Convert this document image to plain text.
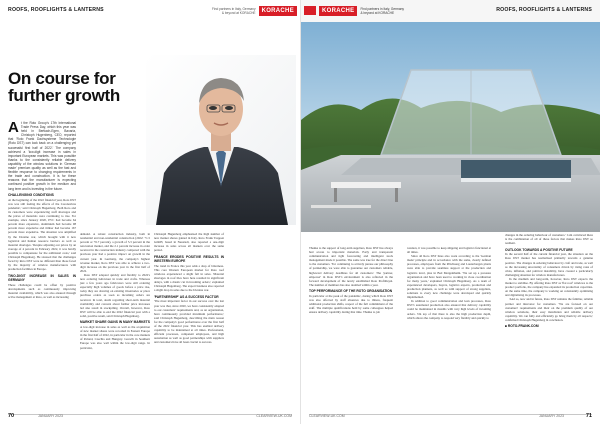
ROOFS, ROOFLIGHTS & LANTERNS	Find partners in Italy, Germany & beyond at KORACHE	KORACHE
On course for further growth

At the Roto Group's 17th International Trade Press Day, which this year was held in Bertiach-Egen, Bavaria, Christoph Hugenberg, CEO, reported that 'Roto Frank Dachsysteme Technologie (Roto DST) can look back on a challenging yet successful first half of 2022.' The company achieved a 'low-digit increase in sales in important European markets. This was possible thanks to the consistently reliable delivery capability of the window solutions in 'German made' premium quality as well as the fast and flexible response to changing requirements in the trade and construction. It is for these reasons that the manufacturer is expecting continued positive growth in the medium and long term and is investing in the future.

CHALLENGING CONDITIONS

At the beginning of the 2022 financial year, Roto DST was was still feeling the effects of the Coronavirus pandemic,' said Christoph Hugenberg. Both Roto and its customers were experiencing staff shortages and the prices of materials were continuing to rise. For example, since January 2020, PVC had become 64 percent more expensive, aluminium had become 98 percent more expensive and timber had become 167 percent more expensive. The situation was amplified by the Ukraine war, which brought with it new logistical and human resource barriers as well as material shortages. 'Despite adjusting our prices by an average of 4 percent in February 2022, it was hardly possible to compensate for the additional costs,' said Christoph Hugenberg. He stressed that the challenges faced by Roto DST were no different than those faced by the majority of window manufacturers with production facilities in Europe.

TWO-DIGIT INCREASE IN SALES IN GERMANY

These challenges could be offset by positive developments such as continuously improving material availability, which was also ensured through active management at Roto, as well as increasing

demand. A robust construction industry, both in residential and non-residential construction (2022: +1.5 percent or +6.7 percent), a growth of 5.3 percent in the renovation market, and the 2.1 percent increase in order received in the construction industry compared with the previous year had a positive impact on growth in the current year. In Germany, the company's highest revenue market, Roto DST was able to achieve a two-digit increase on the previous year in the first half of 2022.

Roto DST adapted quickly and flexibly to 2022's new ordering behaviour in trade and crafts. Whereas just a few years ago fabricators were still ordering especially high volumes of goods before a price rise, today they are drawing on existing inventories or place purchase orders as soon as incoming orders are received. In total, doubt regarding short-term material availability and concern about further price increases led also result in stockpiling. Overall, however, Roto DST will be able to end the 2022 financial year with a solid, positive result, said Christoph Hugenberg.

MARKET SHARE GAINS IN MANY MARKETS

A low-digit increase in sales as well as the acquisition of new market shares were recorded in Eastern Europe in the first half of 2022, in particular in the core markets of Poland, Czechia and Hungary. Growth in Southern Europe was also well within the low-digit range. In particular,

Christoph Hugenberg emphasised the high number of new market shares gained in Italy. Roto Frank Treppen GmbH, based in Neustadt, also reported a one-digit increase in sales across all markets over the same period.

FRANCE ERODES POSITIVE RESULTS IN WESTERN EUROPE

The trend in France this year adds a drop of bitterness. This core Western European market for Roto roof windows experienced a slight fall in sales. 'Material shortages in roof tiles have here resulted in significant delays, with a drastic cut in incoming orders,' explained Christoph Hugenberg. The export business also reported a slight drop in sales due to the Ukraine war.

'PARTNERSHIP' AS A SUCCESS FACTOR

'The most important factor in our success over the last year was that, since 2020, we have consistently adapted to our customers' requirements and, as an organisation, have continuously provided maximum performance,' said Christoph Hugenberg, describing the main reason for the company's good performance over the first half of the 2022 financial year. This has enabled delivery capability to be maintained at all times. Professional, efficient processes, competent employees, and high automation as well as good partnerships with suppliers and customers have all been crucial to success.

70	JANUARY 2023	CLEARVIEW-UK.COM
KORACHE	Find partners in Italy, Germany & beyond at KORACHE	ROOFS, ROOFLIGHTS & LANTERNS

Thanks to the support of long-term suppliers, Roto DST has always had access to important materials. Early and transparent communication and tight forecasting and intelligent stock management made it possible. The same was true for the direct line to the customers. 'For continuing to actively pursue our philosophy of partnership, we were able to guarantee our customers reliable, high-level delivery deadlines for all customers.' The 'partner, empower' in Roto DST's environment is also reflected in the forward development of the newly established Roto ProfiRoyal. The number of members has also doubled within a year.

TOP PERFORMANCE OF THE ROTO ORGANISATION

In particular at the peak of the pandemic, during which Roto DST was also affected by staff absences due to illness, frequent additional production shifts, respect of the full commitment of the staff. The multiple qualifications held by some colleagues helped ensure delivery capability during that time. Thanks to job

rotation, it was possible to keep shipping and logistics functional at all times.

Since all Roto DST lines also work according to the 'German made' principle and in accordance with the same, clearly defined processes, employees from the Pritzbuerg and Lauterbergen plants were able to provide seamless support at the production and logistics level, plus in Bad Mergentheim. 'We set up a pressure organisation and have been used to working in close coordination for many years,' explained Christoph Hugenberg. As a team of experienced developers, buyers, logistics experts, production and production planners, as well as with support of strong suppliers, solutions to every new challenge were developed and quickly implemented.

In addition to good communication and lean processes, Roto DST's automated production also ensured that delivery capability could be maintained in months with very high levels of incoming orders. 'On top of that there is also the high production depth, which allows the company to respond very flexibly and quickly to

changes in the ordering behaviour of customers.' I am convinced there is the combination of all of these factors that makes Roto DST so resilient.

OUTLOOK TOWARDS A POSITIVE FUTURE

In the second half of the current financial year, the situation on the Roto DST market has normalised primarily towards a genuine positive. The changes in ordering behaviour by craft and trade, as well as the increasing uncertainty of consumers driven by rising rates of crisis, inflation, and political instability, have created a particularly challenging situation for window manufacturers.

In the medium and long-term, however, Roto DST expects the market to stabilise. By offering Roto DST as 'flat roof' windows to the product portfolio, the company has expanded its production capacities. At the same time, the company is working on consistently optimising and digitalising its processes.

'And so, now and in future, Roto DST remains the familiar, reliable partner and innovator for customers. 'We are focused on our customers' requirements and their on the premium quality of our window solutions, their easy installation and reliable delivery capability. We can fully and efficiently go bring them by all respects,' confirmed Christoph Hugenberg in conclusion.

■ ROTO-FRANK.COM

CLEARVIEW-UK.COM	JANUARY 2023	71
